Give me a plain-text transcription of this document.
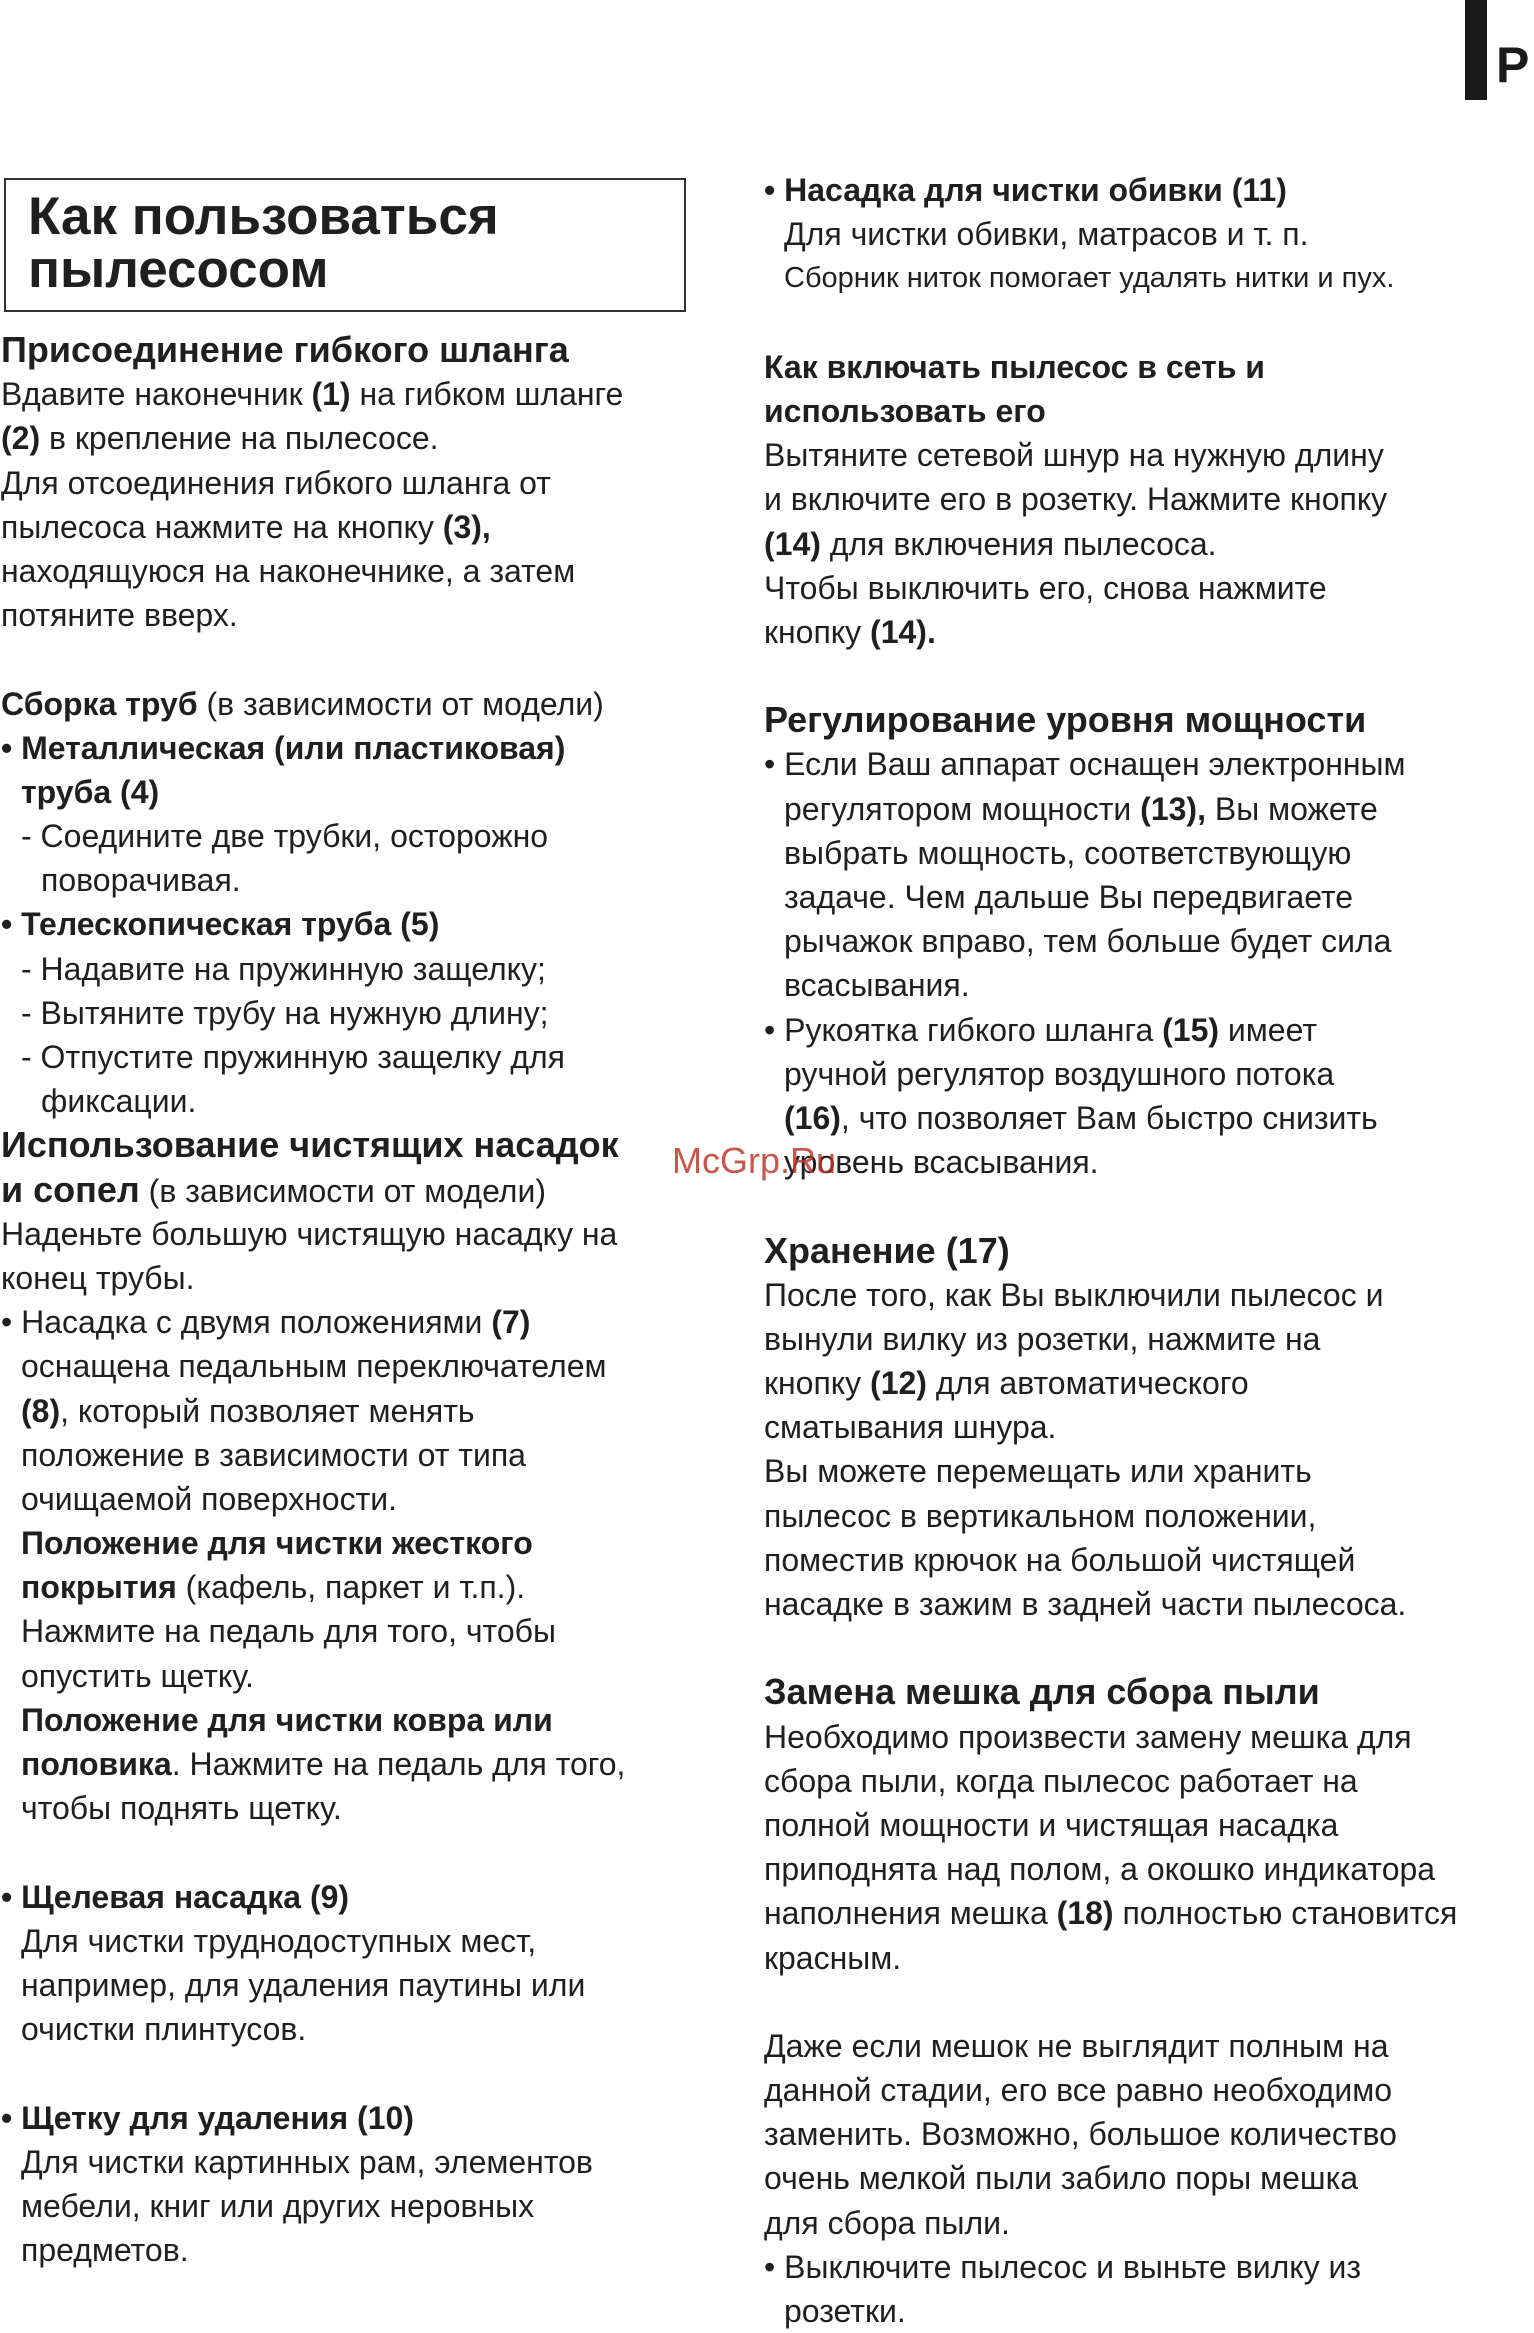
P
Как пользоваться
пылесосом
Присоединение гибкого шланга
Вдавите наконечник (1) на гибком шланге
(2) в крепление на пылесосе.
Для отсоединения гибкого шланга от
пылесоса нажмите на кнопку (3),
находящуюся на наконечнике, а затем
потяните вверх.
Сборка труб (в зависимости от модели)
• Металлическая (или пластиковая)
труба (4)
- Соедините две трубки, осторожно
поворачивая.
• Телескопическая труба (5)
- Надавите на пружинную защелку;
- Вытяните трубу на нужную длину;
- Отпустите пружинную защелку для
фиксации.
Использование чистящих насадок
и сопел (в зависимости от модели)
Наденьте большую чистящую насадку на
конец трубы.
• Насадка с двумя положениями (7)
оснащена педальным переключателем
(8), который позволяет менять
положение в зависимости от типа
очищаемой поверхности.
Положение для чистки жесткого
покрытия (кафель, паркет и т.п.).
Нажмите на педаль для того, чтобы
опустить щетку.
Положение для чистки ковра или
половика. Нажмите на педаль для того,
чтобы поднять щетку.
• Щелевая насадка (9)
Для чистки труднодоступных мест,
например, для удаления паутины или
очистки плинтусов.
• Щетку для удаления (10)
Для чистки картинных рам, элементов
мебели, книг или других неровных
предметов.
• Насадка для чистки обивки (11)
Для чистки обивки, матрасов и т. п.
Сборник ниток помогает удалять нитки и пух.
Как включать пылесос в сеть и
использовать его
Вытяните сетевой шнур на нужную длину
и включите его в розетку. Нажмите кнопку
(14) для включения пылесоса.
Чтобы выключить его, снова нажмите
кнопку (14).
Регулирование уровня мощности
• Если Ваш аппарат оснащен электронным
регулятором мощности (13), Вы можете
выбрать мощность, соответствующую
задаче. Чем дальше Вы передвигаете
рычажок вправо, тем больше будет сила
всасывания.
• Рукоятка гибкого шланга (15) имеет
ручной регулятор воздушного потока
(16), что позволяет Вам быстро снизить
уровень всасывания.
Хранение (17)
После того, как Вы выключили пылесос и
вынули вилку из розетки, нажмите на
кнопку (12) для автоматического
сматывания шнура.
Вы можете перемещать или хранить
пылесос в вертикальном положении,
поместив крючок на большой чистящей
насадке в зажим в задней части пылесоса.
Замена мешка для сбора пыли
Необходимо произвести замену мешка для
сбора пыли, когда пылесос работает на
полной мощности и чистящая насадка
приподнята над полом, а окошко индикатора
наполнения мешка (18) полностью становится
красным.
Даже если мешок не выглядит полным на
данной стадии, его все равно необходимо
заменить. Возможно, большое количество
очень мелкой пыли забило поры мешка
для сбора пыли.
• Выключите пылесос и выньте вилку из
розетки.
McGrp.Ru
